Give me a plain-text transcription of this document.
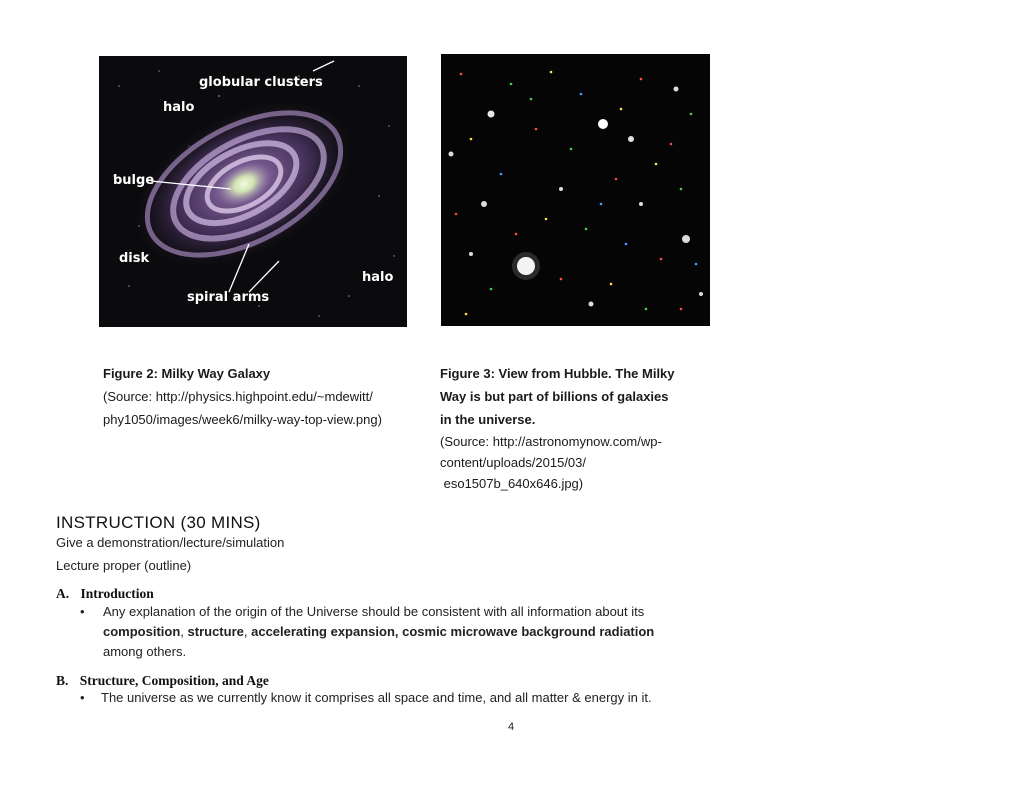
globular clusters
halo
bulge
disk
halo
spiral arms
Figure 2: Milky Way Galaxy
(Source: http://physics.highpoint.edu/~mdewitt/
phy1050/images/week6/milky-way-top-view.png)
Figure 3: View from Hubble. The Milky
Way is but part of billions of galaxies
in the universe.
(Source: http://astronomynow.com/wp-
content/uploads/2015/03/
eso1507b_640x646.jpg)
INSTRUCTION (30 MINS)
Give a demonstration/lecture/simulation
Lecture proper (outline)
A. Introduction
• Any explanation of the origin of the Universe should be consistent with all information about its
composition, structure, accelerating expansion, cosmic microwave background radiation
among others.
B. Structure, Composition, and Age
• The universe as we currently know it comprises all space and time, and all matter & energy in it.
4
